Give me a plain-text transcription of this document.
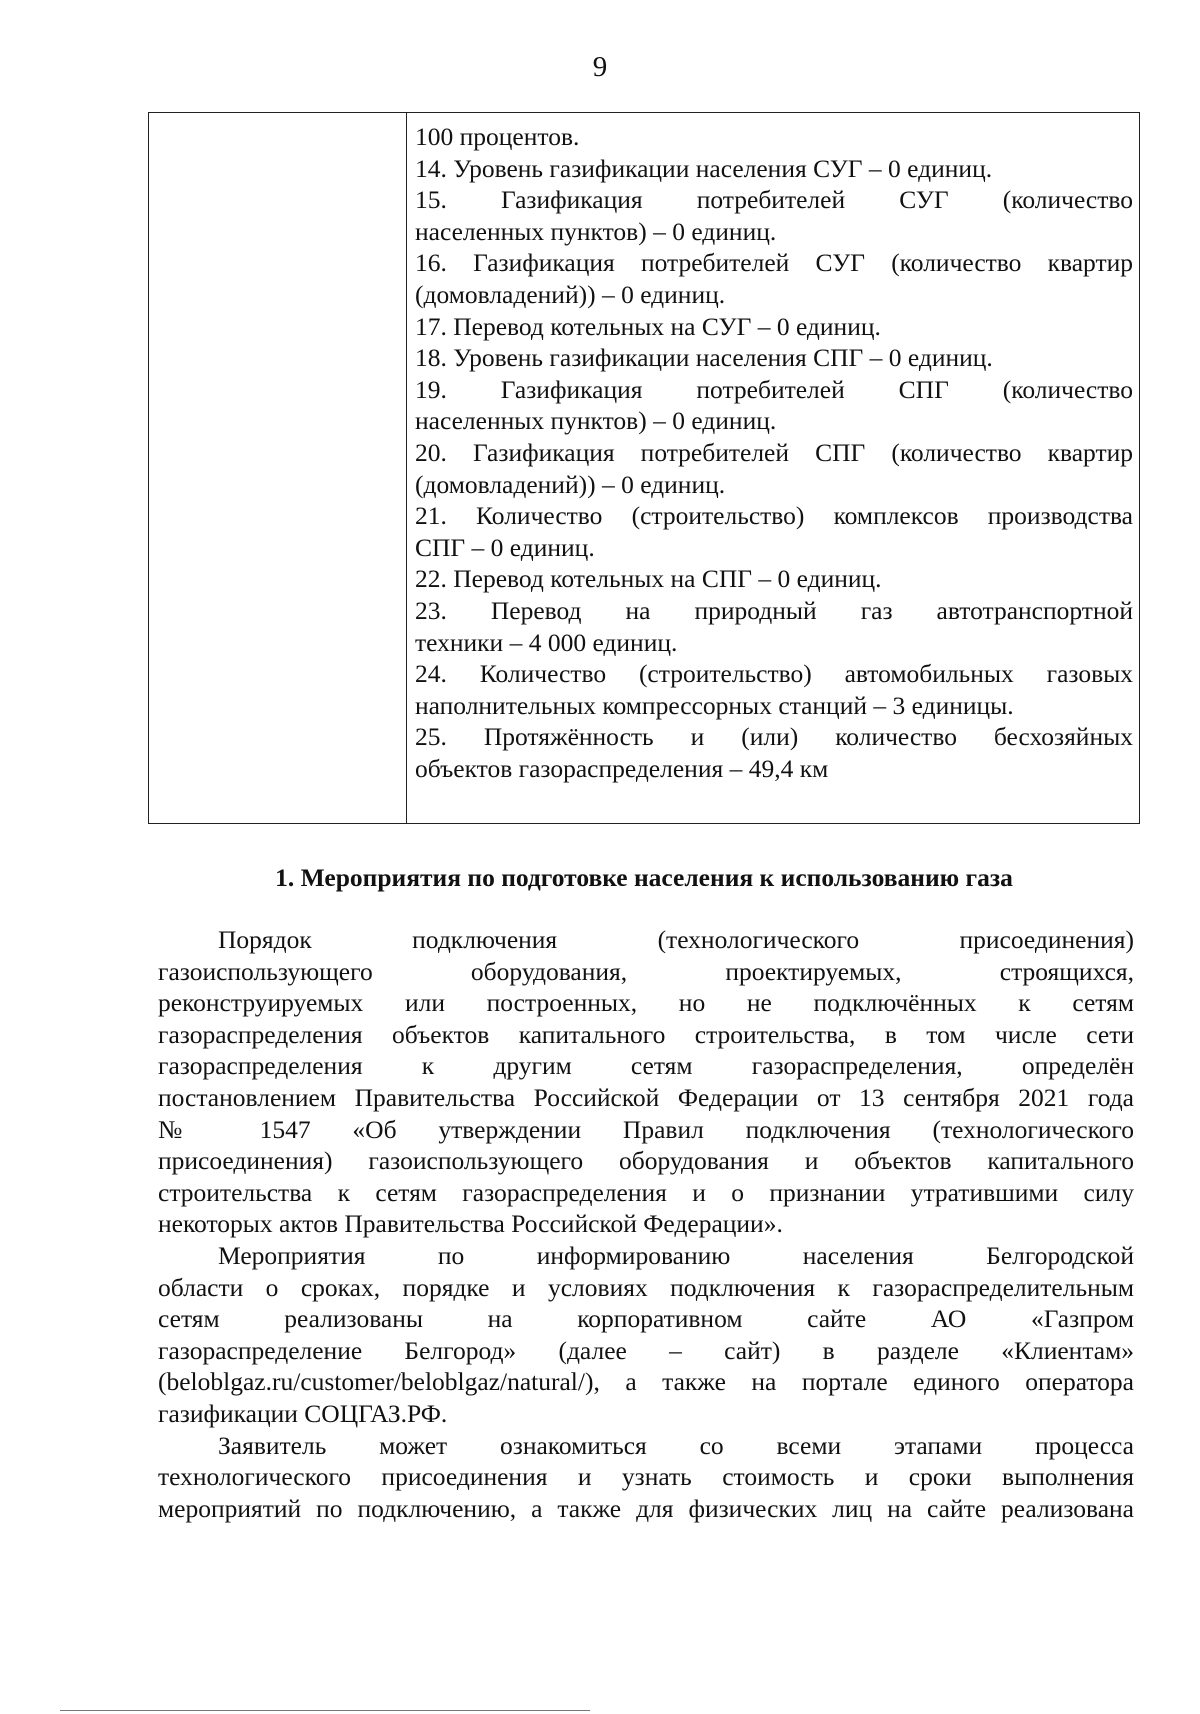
9
100 процентов.
14. Уровень газификации населения СУГ – 0 единиц.
15. Газификация потребителей СУГ (количество
населенных пунктов) – 0 единиц.
16. Газификация потребителей СУГ (количество квартир
(домовладений)) – 0 единиц.
17. Перевод котельных на СУГ – 0 единиц.
18. Уровень газификации населения СПГ – 0 единиц.
19. Газификация потребителей СПГ (количество
населенных пунктов) – 0 единиц.
20. Газификация потребителей СПГ (количество квартир
(домовладений)) – 0 единиц.
21. Количество (строительство) комплексов производства
СПГ – 0 единиц.
22. Перевод котельных на СПГ – 0 единиц.
23. Перевод на природный газ автотранспортной
техники – 4 000 единиц.
24. Количество (строительство) автомобильных газовых
наполнительных компрессорных станций – 3 единицы.
25. Протяжённость и (или) количество бесхозяйных
объектов газораспределения – 49,4 км
1. Мероприятия по подготовке населения к использованию газа
Порядок подключения (технологического присоединения)
газоиспользующего оборудования, проектируемых, строящихся,
реконструируемых или построенных, но не подключённых к сетям
газораспределения объектов капитального строительства, в том числе сети
газораспределения к другим сетям газораспределения, определён
постановлением Правительства Российской Федерации от 13 сентября 2021 года
№ 1547 «Об утверждении Правил подключения (технологического
присоединения) газоиспользующего оборудования и объектов капитального
строительства к сетям газораспределения и о признании утратившими силу
некоторых актов Правительства Российской Федерации».
Мероприятия по информированию населения Белгородской
области о сроках, порядке и условиях подключения к газораспределительным
сетям реализованы на корпоративном сайте АО «Газпром
газораспределение Белгород» (далее – сайт) в разделе «Клиентам»
(beloblgaz.ru/customer/beloblgaz/natural/), а также на портале единого оператора
газификации СОЦГАЗ.РФ.
Заявитель может ознакомиться со всеми этапами процесса
технологического присоединения и узнать стоимость и сроки выполнения
мероприятий по подключению, а также для физических лиц на сайте реализована
